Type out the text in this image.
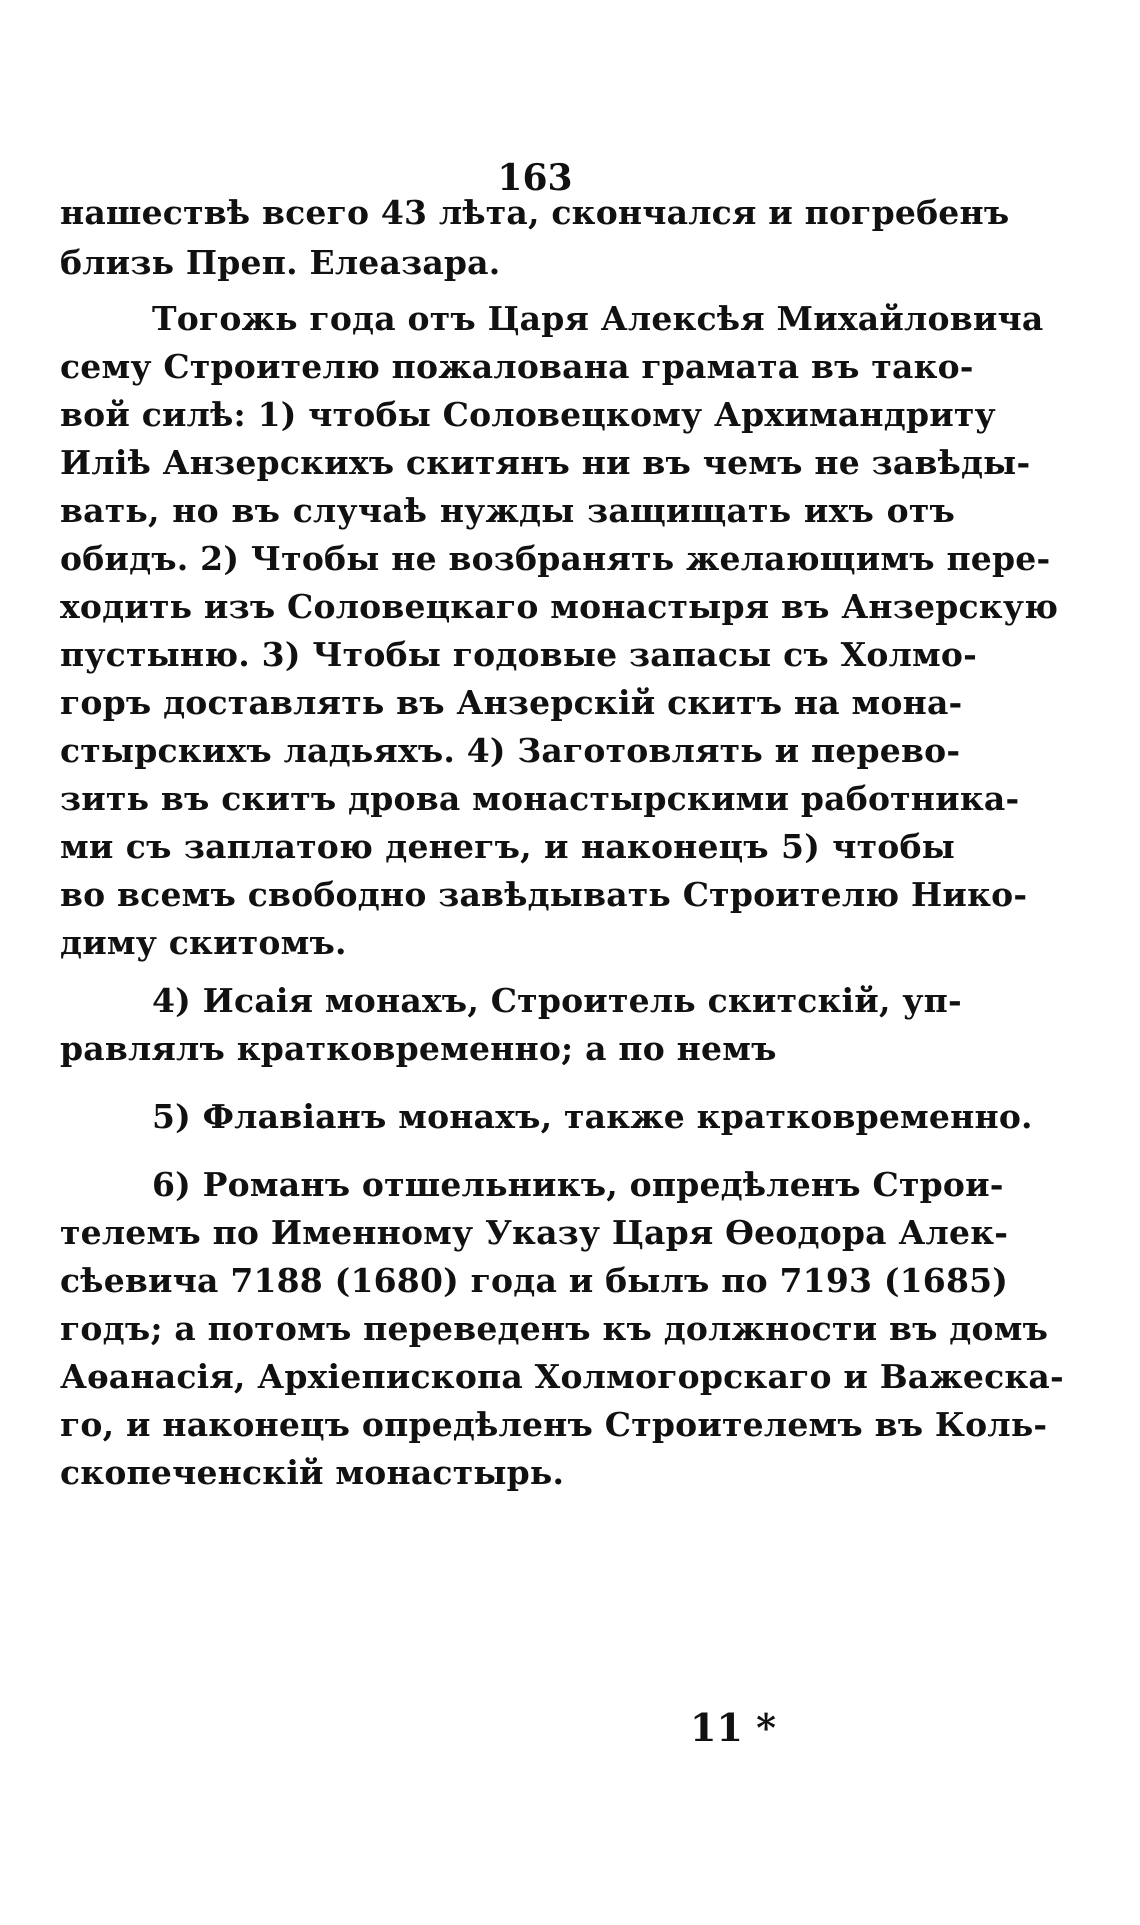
163
нашествѣ всего 43 лѣта, скончался и погребенъ
близь Преп. Елеазара.
Тогожь года отъ Царя Алексѣя Михайловича
сему Строителю пожалована грамата въ тако-
вой силѣ: 1) чтобы Соловецкому Архимандриту
Иліѣ Анзерскихъ скитянъ ни въ чемъ не завѣды-
вать, но въ случаѣ нужды защищать ихъ отъ
обидъ. 2) Чтобы не возбранять желающимъ пере-
ходить изъ Соловецкаго монастыря въ Анзерскую
пустыню. 3) Чтобы годовые запасы съ Холмо-
горъ доставлять въ Анзерскій скитъ на мона-
стырскихъ ладьяхъ. 4) Заготовлять и перево-
зить въ скитъ дрова монастырскими работника-
ми съ заплатою денегъ, и наконецъ 5) чтобы
во всемъ свободно завѣдывать Строителю Нико-
диму скитомъ.
4) Исаія монахъ, Строитель скитскій, уп-
равлялъ кратковременно; а по немъ
5) Флавіанъ монахъ, также кратковременно.
6) Романъ отшельникъ, опредѣленъ Строи-
телемъ по Именному Указу Царя Ѳеодора Алек-
сѣевича 7188 (1680) года и былъ по 7193 (1685)
годъ; а потомъ переведенъ къ должности въ домъ
Аѳанасія, Архіепископа Холмогорскаго и Важеска-
го, и наконецъ опредѣленъ Строителемъ въ Коль-
скопеченскій монастырь.
11 *
